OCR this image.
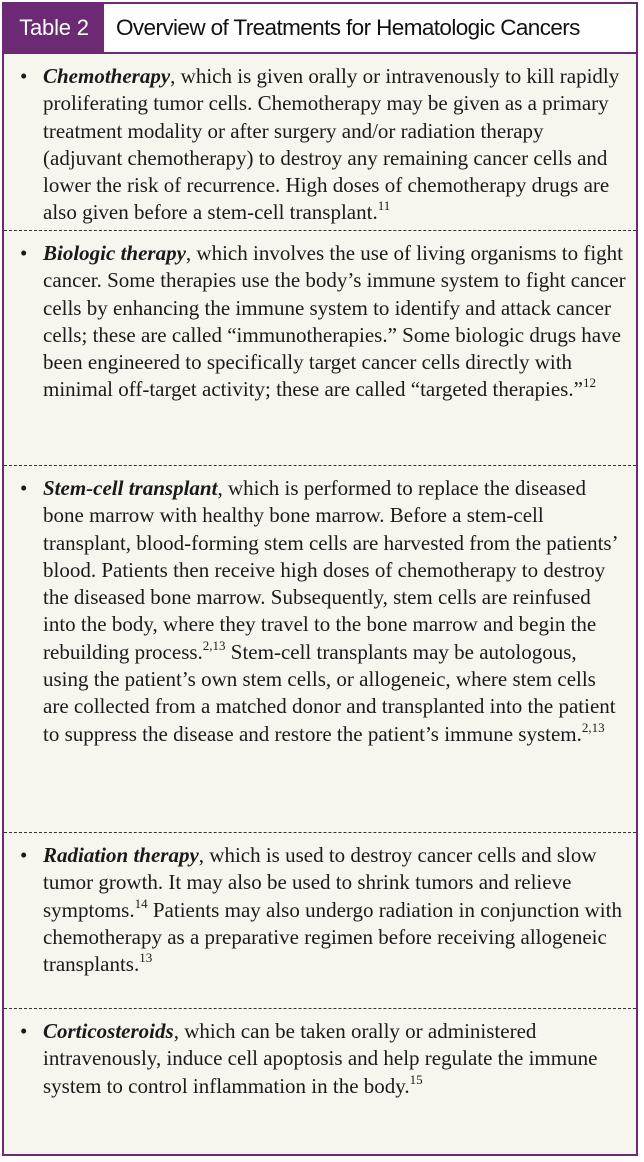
Table 2	Overview of Treatments for Hematologic Cancers
• Chemotherapy, which is given orally or intravenously to kill rapidly proliferating tumor cells. Chemotherapy may be given as a primary treatment modality or after surgery and/or radiation therapy (adjuvant chemotherapy) to destroy any remaining cancer cells and lower the risk of recurrence. High doses of chemotherapy drugs are also given before a stem-cell transplant.$^{11}$
• Biologic therapy, which involves the use of living organisms to fight cancer. Some therapies use the body’s immune system to fight cancer cells by enhancing the immune system to identify and attack cancer cells; these are called “immunotherapies.” Some biologic drugs have been engineered to specifically target cancer cells directly with minimal off-target activity; these are called “targeted therapies.”$^{12}$
• Stem-cell transplant, which is performed to replace the diseased bone marrow with healthy bone marrow. Before a stem-cell transplant, blood-forming stem cells are harvested from the patients’ blood. Patients then receive high doses of chemotherapy to destroy the diseased bone marrow. Subsequently, stem cells are reinfused into the body, where they travel to the bone marrow and begin the rebuilding process.$^{2,13}$ Stem-cell transplants may be autologous, using the patient’s own stem cells, or allogeneic, where stem cells are collected from a matched donor and transplanted into the patient to suppress the disease and restore the patient’s immune system.$^{2,13}$
• Radiation therapy, which is used to destroy cancer cells and slow tumor growth. It may also be used to shrink tumors and relieve symptoms.$^{14}$ Patients may also undergo radiation in conjunction with chemotherapy as a preparative regimen before receiving allogeneic transplants.$^{13}$
• Corticosteroids, which can be taken orally or administered intravenously, induce cell apoptosis and help regulate the immune system to control inflammation in the body.$^{15}$
